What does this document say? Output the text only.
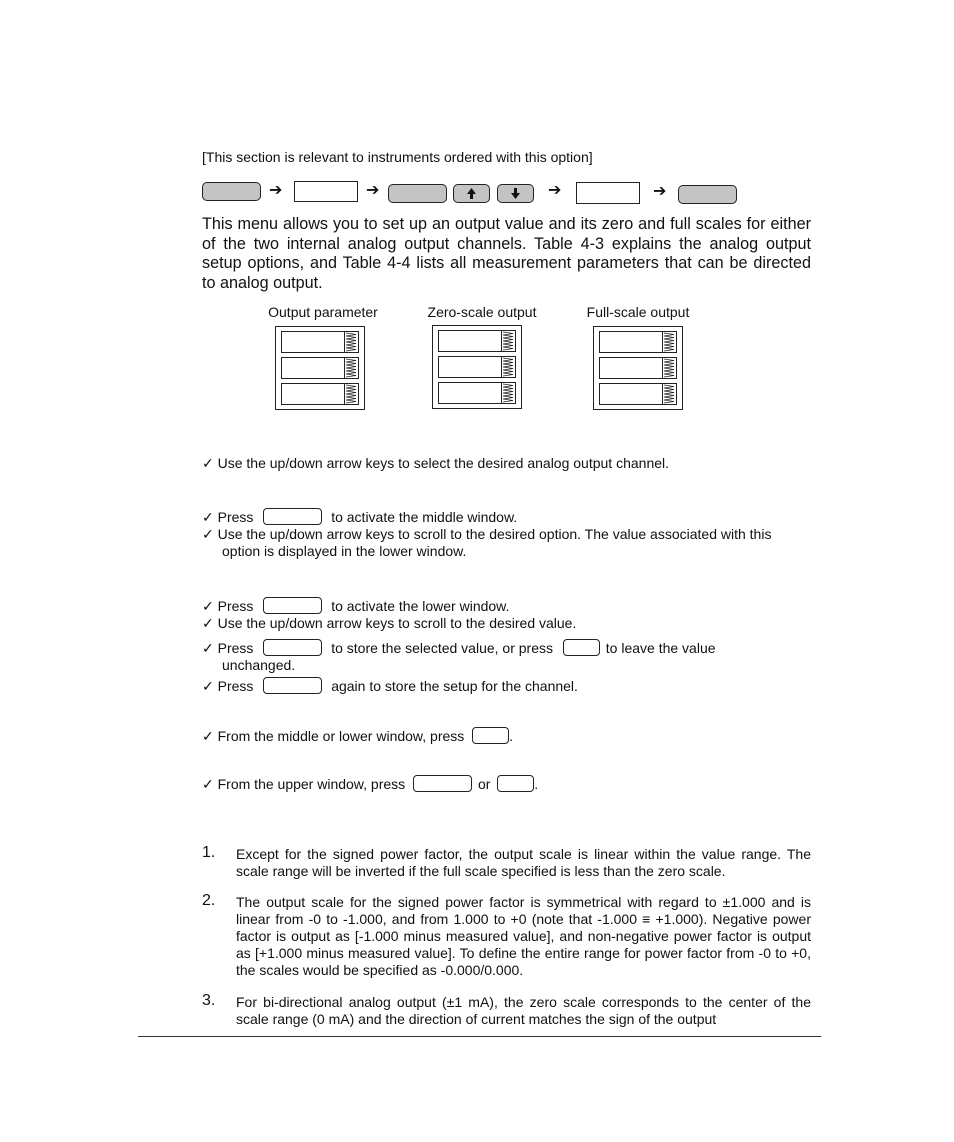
[This section is relevant to instruments ordered with this option]
➔	➔	➔	➔
This menu allows you to set up an output value and its zero and full scales for either of the two internal analog output channels. Table 4-3 explains the analog output setup options, and Table 4-4 lists all measurement parameters that can be directed to analog output.
Output parameter	Zero-scale output	Full-scale output
✓ Use the up/down arrow keys to select the desired analog output channel.
✓ Press	to activate the middle window.
✓ Use the up/down arrow keys to scroll to the desired option. The value associated with this
option is displayed in the lower window.
✓ Press	to activate the lower window.
✓ Use the up/down arrow keys to scroll to the desired value.
✓ Press	to store the selected value, or press	to leave the value
unchanged.
✓ Press	again to store the setup for the channel.
✓ From the middle or lower window, press	.
✓ From the upper window, press	or	.
1. Except for the signed power factor, the output scale is linear within the value range. The scale range will be inverted if the full scale specified is less than the zero scale.
2. The output scale for the signed power factor is symmetrical with regard to ±1.000 and is linear from -0 to -1.000, and from 1.000 to +0 (note that -1.000 ≡ +1.000). Negative power factor is output as [-1.000 minus measured value], and non-negative power factor is output as [+1.000 minus measured value]. To define the entire range for power factor from -0 to +0, the scales would be specified as -0.000/0.000.
3. For bi-directional analog output (±1 mA), the zero scale corresponds to the center of the scale range (0 mA) and the direction of current matches the sign of the output
